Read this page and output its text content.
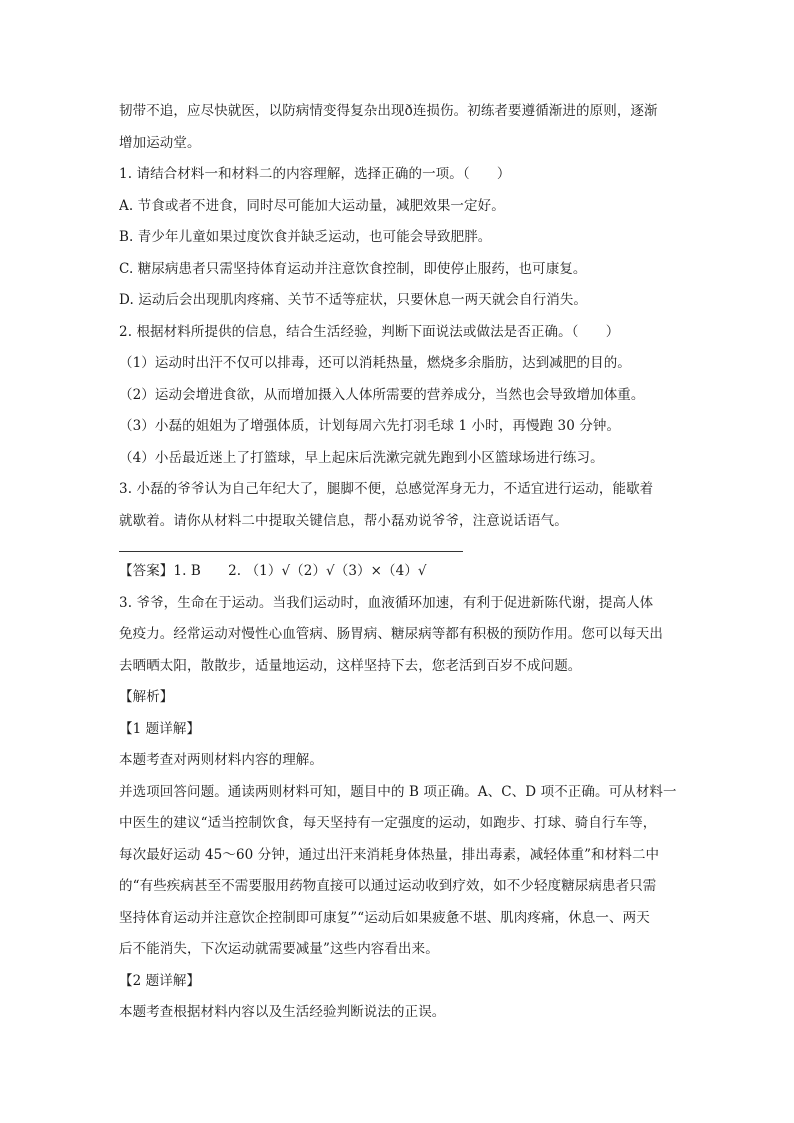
韧带不追，应尽快就医，以防病情变得复杂出现ð连损伤。初练者要遵循渐进的原则，逐渐
增加运动堂。
1. 请结合材料一和材料二的内容理解，选择正确的一项。（　　）
A. 节食或者不进食，同时尽可能加大运动量，减肥效果一定好。
B. 青少年儿童如果过度饮食并缺乏运动，也可能会导致肥胖。
C. 糖尿病患者只需坚持体育运动并注意饮食控制，即使停止服药，也可康复。
D. 运动后会出现肌肉疼痛、关节不适等症状，只要休息一两天就会自行消失。
2. 根据材料所提供的信息，结合生活经验，判断下面说法或做法是否正确。（　　）
（1）运动时出汗不仅可以排毒，还可以消耗热量，燃烧多余脂肪，达到减肥的目的。
（2）运动会增进食欲，从而增加摄入人体所需要的营养成分，当然也会导致增加体重。
（3）小磊的姐姐为了增强体质，计划每周六先打羽毛球 1 小时，再慢跑 30 分钟。
（4）小岳最近迷上了打篮球，早上起床后洗漱完就先跑到小区篮球场进行练习。
3. 小磊的爷爷认为自己年纪大了，腿脚不便，总感觉浑身无力，不适宜进行运动，能歇着
就歇着。请你从材料二中提取关键信息，帮小磊劝说爷爷，注意说话语气。
【答案】1. B　　2. （1）√（2）√（3）×（4）√
3. 爷爷，生命在于运动。当我们运动时，血液循环加速，有利于促进新陈代谢，提高人体
免疫力。经常运动对慢性心血管病、肠胃病、糖尿病等都有积极的预防作用。您可以每天出
去晒晒太阳，散散步，适量地运动，这样坚持下去，您老活到百岁不成问题。
【解析】
【1 题详解】
本题考查对两则材料内容的理解。
并选项回答问题。通读两则材料可知，题目中的 B 项正确。A、C、D 项不正确。可从材料一
中医生的建议“适当控制饮食，每天坚持有一定强度的运动，如跑步、打球、骑自行车等，
每次最好运动 45～60 分钟，通过出汗来消耗身体热量，排出毒素，减轻体重”和材料二中
的“有些疾病甚至不需要服用药物直接可以通过运动收到疗效，如不少轻度糖尿病患者只需
坚持体育运动并注意饮企控制即可康复”“运动后如果疲惫不堪、肌肉疼痛，休息一、两天
后不能消失，下次运动就需要减量”这些内容看出来。
【2 题详解】
本题考查根据材料内容以及生活经验判断说法的正误。
